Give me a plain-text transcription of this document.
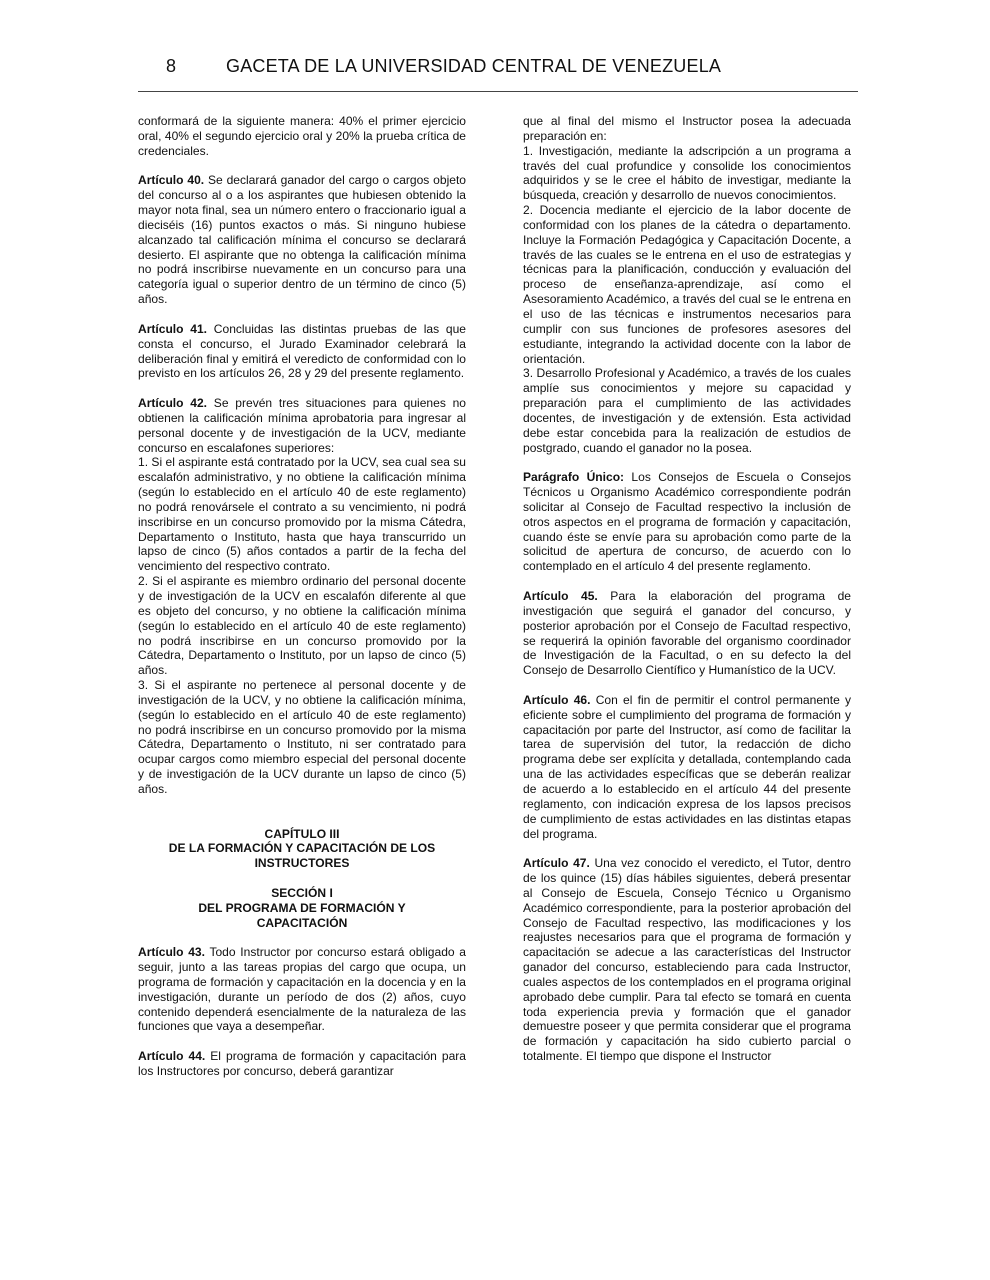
8	GACETA DE LA UNIVERSIDAD CENTRAL DE VENEZUELA

conformará de la siguiente manera: 40% el primer ejercicio oral, 40% el segundo ejercicio oral y 20% la prueba crítica de credenciales.

Artículo 40. Se declarará ganador del cargo o cargos objeto del concurso al o a los aspirantes que hubiesen obtenido la mayor nota final, sea un número entero o fraccionario igual a dieciséis (16) puntos exactos o más. Si ninguno hubiese alcanzado tal calificación mínima el concurso se declarará desierto. El aspirante que no obtenga la calificación mínima no podrá inscribirse nuevamente en un concurso para una categoría igual o superior dentro de un término de cinco (5) años.

Artículo 41. Concluidas las distintas pruebas de las que consta el concurso, el Jurado Examinador celebrará la deliberación final y emitirá el veredicto de conformidad con lo previsto en los artículos 26, 28 y 29 del presente reglamento.

Artículo 42. Se prevén tres situaciones para quienes no obtienen la calificación mínima aprobatoria para ingresar al personal docente y de investigación de la UCV, mediante concurso en escalafones superiores:

1. Si el aspirante está contratado por la UCV, sea cual sea su escalafón administrativo, y no obtiene la calificación mínima (según lo establecido en el artículo 40 de este reglamento) no podrá renovársele el contrato a su vencimiento, ni podrá inscribirse en un concurso promovido por la misma Cátedra, Departamento o Instituto, hasta que haya transcurrido un lapso de cinco (5) años contados a partir de la fecha del vencimiento del respectivo contrato.

2. Si el aspirante es miembro ordinario del personal docente y de investigación de la UCV en escalafón diferente al que es objeto del concurso, y no obtiene la calificación mínima (según lo establecido en el artículo 40 de este reglamento) no podrá inscribirse en un concurso promovido por la Cátedra, Departamento o Instituto, por un lapso de cinco (5) años.

3. Si el aspirante no pertenece al personal docente y de investigación de la UCV, y no obtiene la calificación mínima, (según lo establecido en el artículo 40 de este reglamento) no podrá inscribirse en un concurso promovido por la misma Cátedra, Departamento o Instituto, ni ser contratado para ocupar cargos como miembro especial del personal docente y de investigación de la UCV durante un lapso de cinco (5) años.

CAPÍTULO III

DE LA FORMACIÓN Y CAPACITACIÓN DE LOS

INSTRUCTORES

SECCIÓN I

DEL PROGRAMA DE FORMACIÓN Y

CAPACITACIÓN

Artículo 43. Todo Instructor por concurso estará obligado a seguir, junto a las tareas propias del cargo que ocupa, un programa de formación y capacitación en la docencia y en la investigación, durante un período de dos (2) años, cuyo contenido dependerá esencialmente de la naturaleza de las funciones que vaya a desempeñar.

Artículo 44. El programa de formación y capacitación para los Instructores por concurso, deberá garantizar

que al final del mismo el Instructor posea la adecuada preparación en:

1. Investigación, mediante la adscripción a un programa a través del cual profundice y consolide los conocimientos adquiridos y se le cree el hábito de investigar, mediante la búsqueda, creación y desarrollo de nuevos conocimientos.

2. Docencia mediante el ejercicio de la labor docente de conformidad con los planes de la cátedra o departamento. Incluye la Formación Pedagógica y Capacitación Docente, a través de las cuales se le entrena en el uso de estrategias y técnicas para la planificación, conducción y evaluación del proceso de enseñanza-aprendizaje, así como el Asesoramiento Académico, a través del cual se le entrena en el uso de las técnicas e instrumentos necesarios para cumplir con sus funciones de profesores asesores del estudiante, integrando la actividad docente con la labor de orientación.

3. Desarrollo Profesional y Académico, a través de los cuales amplíe sus conocimientos y mejore su capacidad y preparación para el cumplimiento de las actividades docentes, de investigación y de extensión. Esta actividad debe estar concebida para la realización de estudios de postgrado, cuando el ganador no la posea.

Parágrafo Único: Los Consejos de Escuela o Consejos Técnicos u Organismo Académico correspondiente podrán solicitar al Consejo de Facultad respectivo la inclusión de otros aspectos en el programa de formación y capacitación, cuando éste se envíe para su aprobación como parte de la solicitud de apertura de concurso, de acuerdo con lo contemplado en el artículo 4 del presente reglamento.

Artículo 45. Para la elaboración del programa de investigación que seguirá el ganador del concurso, y posterior aprobación por el Consejo de Facultad respectivo, se requerirá la opinión favorable del organismo coordinador de Investigación de la Facultad, o en su defecto la del Consejo de Desarrollo Científico y Humanístico de la UCV.

Artículo 46. Con el fin de permitir el control permanente y eficiente sobre el cumplimiento del programa de formación y capacitación por parte del Instructor, así como de facilitar la tarea de supervisión del tutor, la redacción de dicho programa debe ser explícita y detallada, contemplando cada una de las actividades específicas que se deberán realizar de acuerdo a lo establecido en el artículo 44 del presente reglamento, con indicación expresa de los lapsos precisos de cumplimiento de estas actividades en las distintas etapas del programa.

Artículo 47. Una vez conocido el veredicto, el Tutor, dentro de los quince (15) días hábiles siguientes, deberá presentar al Consejo de Escuela, Consejo Técnico u Organismo Académico correspondiente, para la posterior aprobación del Consejo de Facultad respectivo, las modificaciones y los reajustes necesarios para que el programa de formación y capacitación se adecue a las características del Instructor ganador del concurso, estableciendo para cada Instructor, cuales aspectos de los contemplados en el programa original aprobado debe cumplir. Para tal efecto se tomará en cuenta toda experiencia previa y formación que el ganador demuestre poseer y que permita considerar que el programa de formación y capacitación ha sido cubierto parcial o totalmente. El tiempo que dispone el Instructor
